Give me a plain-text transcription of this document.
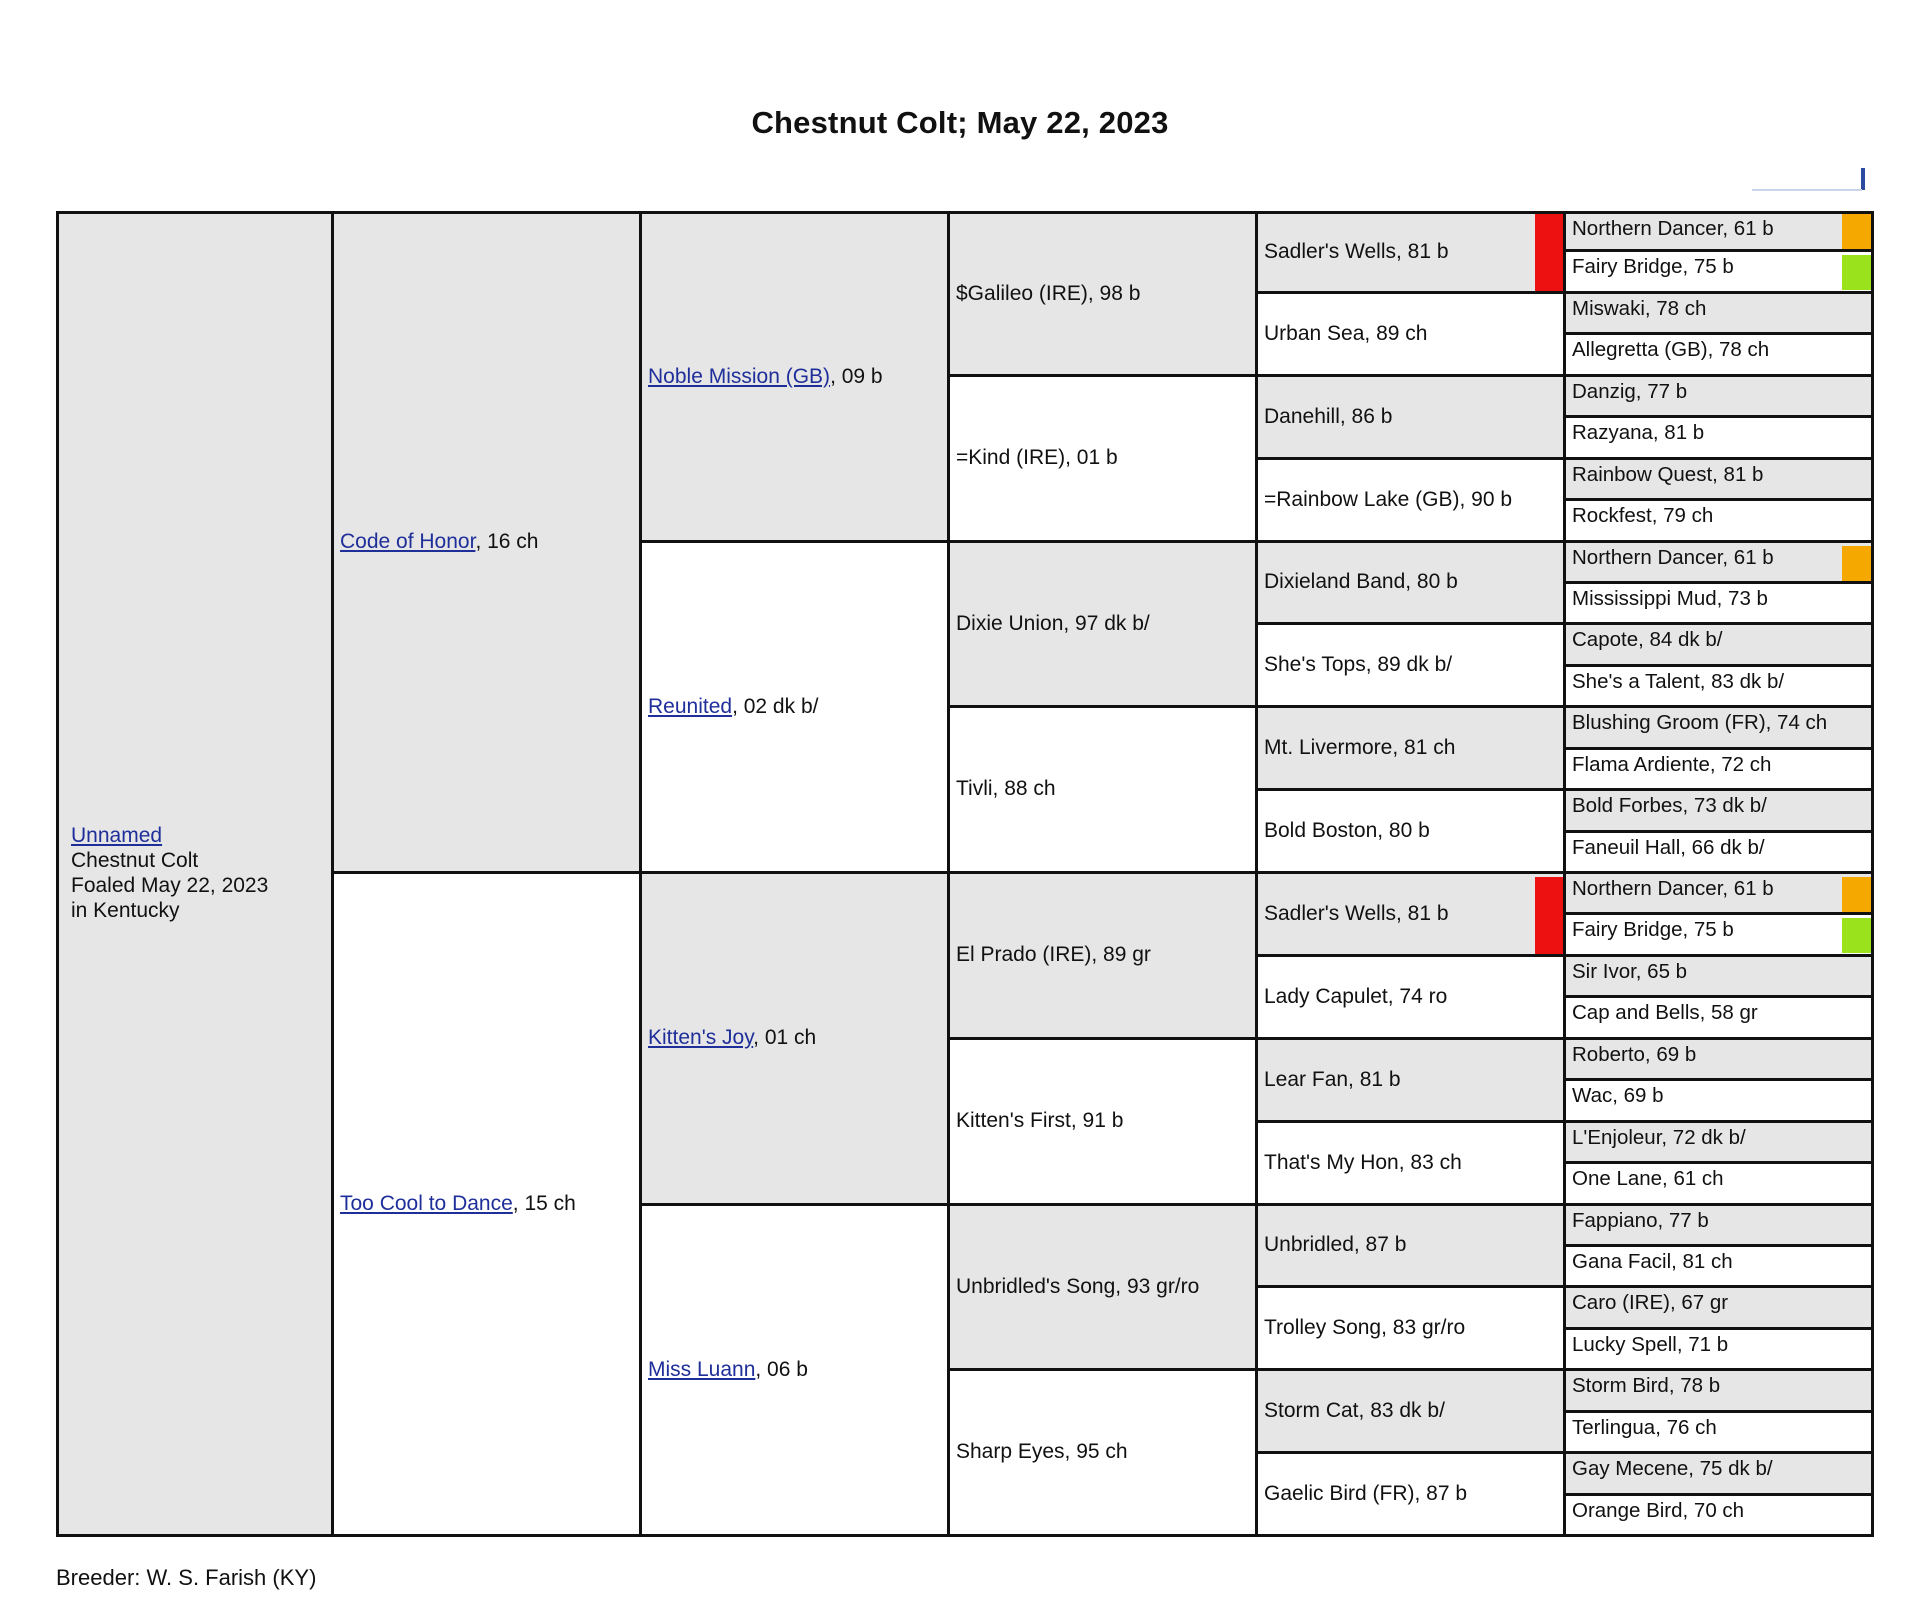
Chestnut Colt; May 22, 2023
Unnamed
Chestnut Colt
Foaled May 22, 2023
in Kentucky
Code of Honor, 16 ch
Too Cool to Dance, 15 ch
Noble Mission (GB), 09 b
Reunited, 02 dk b/
Kitten's Joy, 01 ch
Miss Luann, 06 b
$Galileo (IRE), 98 b
=Kind (IRE), 01 b
Dixie Union, 97 dk b/
Tivli, 88 ch
El Prado (IRE), 89 gr
Kitten's First, 91 b
Unbridled's Song, 93 gr/ro
Sharp Eyes, 95 ch
Sadler's Wells, 81 b
Urban Sea, 89 ch
Danehill, 86 b
=Rainbow Lake (GB), 90 b
Dixieland Band, 80 b
She's Tops, 89 dk b/
Mt. Livermore, 81 ch
Bold Boston, 80 b
Sadler's Wells, 81 b
Lady Capulet, 74 ro
Lear Fan, 81 b
That's My Hon, 83 ch
Unbridled, 87 b
Trolley Song, 83 gr/ro
Storm Cat, 83 dk b/
Gaelic Bird (FR), 87 b
Northern Dancer, 61 b
Fairy Bridge, 75 b
Miswaki, 78 ch
Allegretta (GB), 78 ch
Danzig, 77 b
Razyana, 81 b
Rainbow Quest, 81 b
Rockfest, 79 ch
Northern Dancer, 61 b
Mississippi Mud, 73 b
Capote, 84 dk b/
She's a Talent, 83 dk b/
Blushing Groom (FR), 74 ch
Flama Ardiente, 72 ch
Bold Forbes, 73 dk b/
Faneuil Hall, 66 dk b/
Northern Dancer, 61 b
Fairy Bridge, 75 b
Sir Ivor, 65 b
Cap and Bells, 58 gr
Roberto, 69 b
Wac, 69 b
L'Enjoleur, 72 dk b/
One Lane, 61 ch
Fappiano, 77 b
Gana Facil, 81 ch
Caro (IRE), 67 gr
Lucky Spell, 71 b
Storm Bird, 78 b
Terlingua, 76 ch
Gay Mecene, 75 dk b/
Orange Bird, 70 ch
Breeder: W. S. Farish (KY)
